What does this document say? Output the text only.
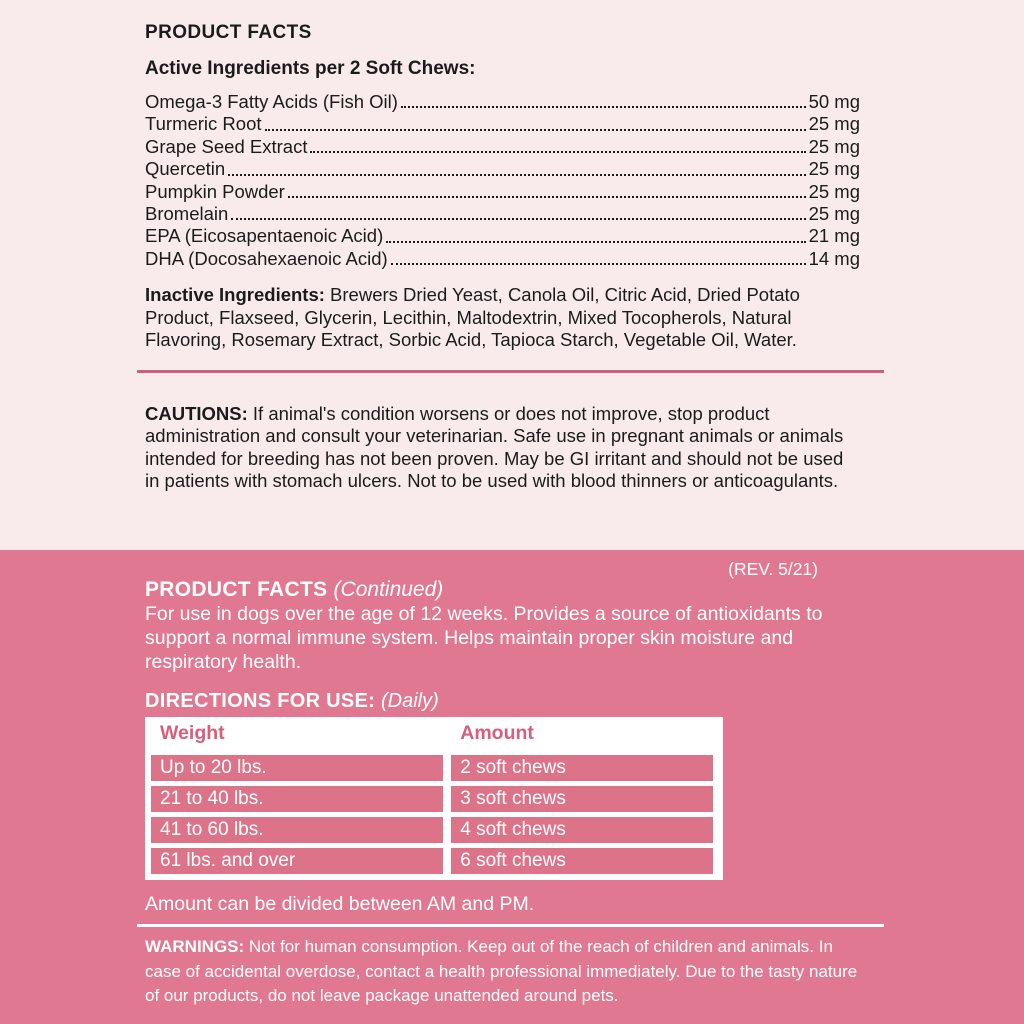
PRODUCT FACTS
Active Ingredients per 2 Soft Chews:
Omega-3 Fatty Acids (Fish Oil)	50 mg
Turmeric Root	25 mg
Grape Seed Extract	25 mg
Quercetin	25 mg
Pumpkin Powder	25 mg
Bromelain	25 mg
EPA (Eicosapentaenoic Acid)	21 mg
DHA (Docosahexaenoic Acid)	14 mg

Inactive Ingredients: Brewers Dried Yeast, Canola Oil, Citric Acid, Dried Potato Product, Flaxseed, Glycerin, Lecithin, Maltodextrin, Mixed Tocopherols, Natural Flavoring, Rosemary Extract, Sorbic Acid, Tapioca Starch, Vegetable Oil, Water.

CAUTIONS: If animal's condition worsens or does not improve, stop product administration and consult your veterinarian. Safe use in pregnant animals or animals intended for breeding has not been proven. May be GI irritant and should not be used in patients with stomach ulcers. Not to be used with blood thinners or anticoagulants.

(REV. 5/21)
PRODUCT FACTS (Continued)

For use in dogs over the age of 12 weeks. Provides a source of antioxidants to support a normal immune system. Helps maintain proper skin moisture and respiratory health.

DIRECTIONS FOR USE: (Daily)
Weight	Amount
Up to 20 lbs.	2 soft chews
21 to 40 lbs.	3 soft chews
41 to 60 lbs.	4 soft chews
61 lbs. and over	6 soft chews

Amount can be divided between AM and PM.

WARNINGS: Not for human consumption. Keep out of the reach of children and animals. In case of accidental overdose, contact a health professional immediately. Due to the tasty nature of our products, do not leave package unattended around pets.
